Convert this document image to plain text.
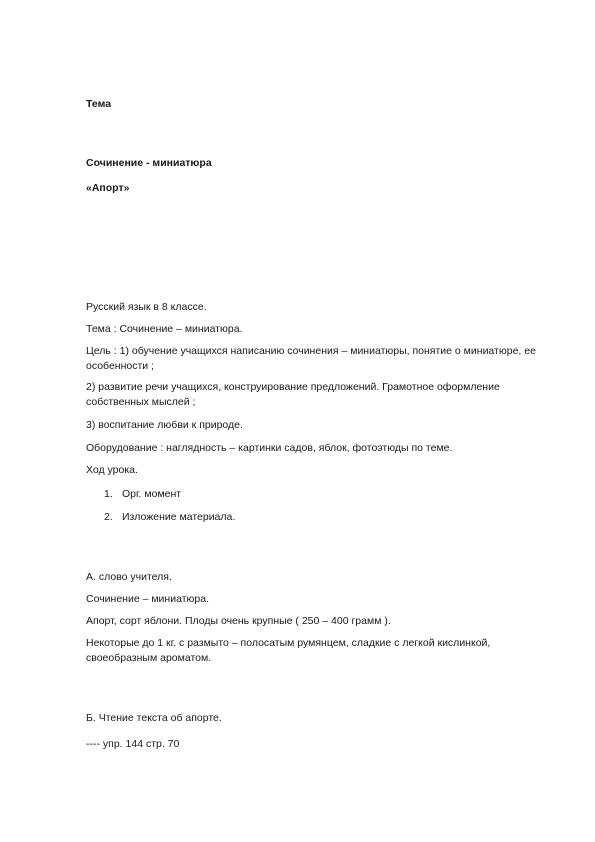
Тема
Сочинение - миниатюра
«Апорт»
Русский язык в 8 классе.
Тема : Сочинение – миниатюра.
Цель : 1) обучение учащихся написанию сочинения – миниатюры, понятие о миниатюре, ее особенности ;
2) развитие речи учащихся, конструирование предложений. Грамотное оформление собственных мыслей ;
3) воспитание любви к природе.
Оборудование : наглядность – картинки садов, яблок, фотоэтюды по теме.
Ход урока.
1. Орг. момент
2. Изложение материала.
А. слово учителя.
Сочинение – миниатюра.
Апорт, сорт яблони. Плоды очень крупные ( 250 – 400 грамм ).
Некоторые до 1 кг. с размыто – полосатым румянцем, сладкие с легкой кислинкой, своеобразным ароматом.
Б. Чтение текста об апорте.
---- упр. 144 стр. 70
